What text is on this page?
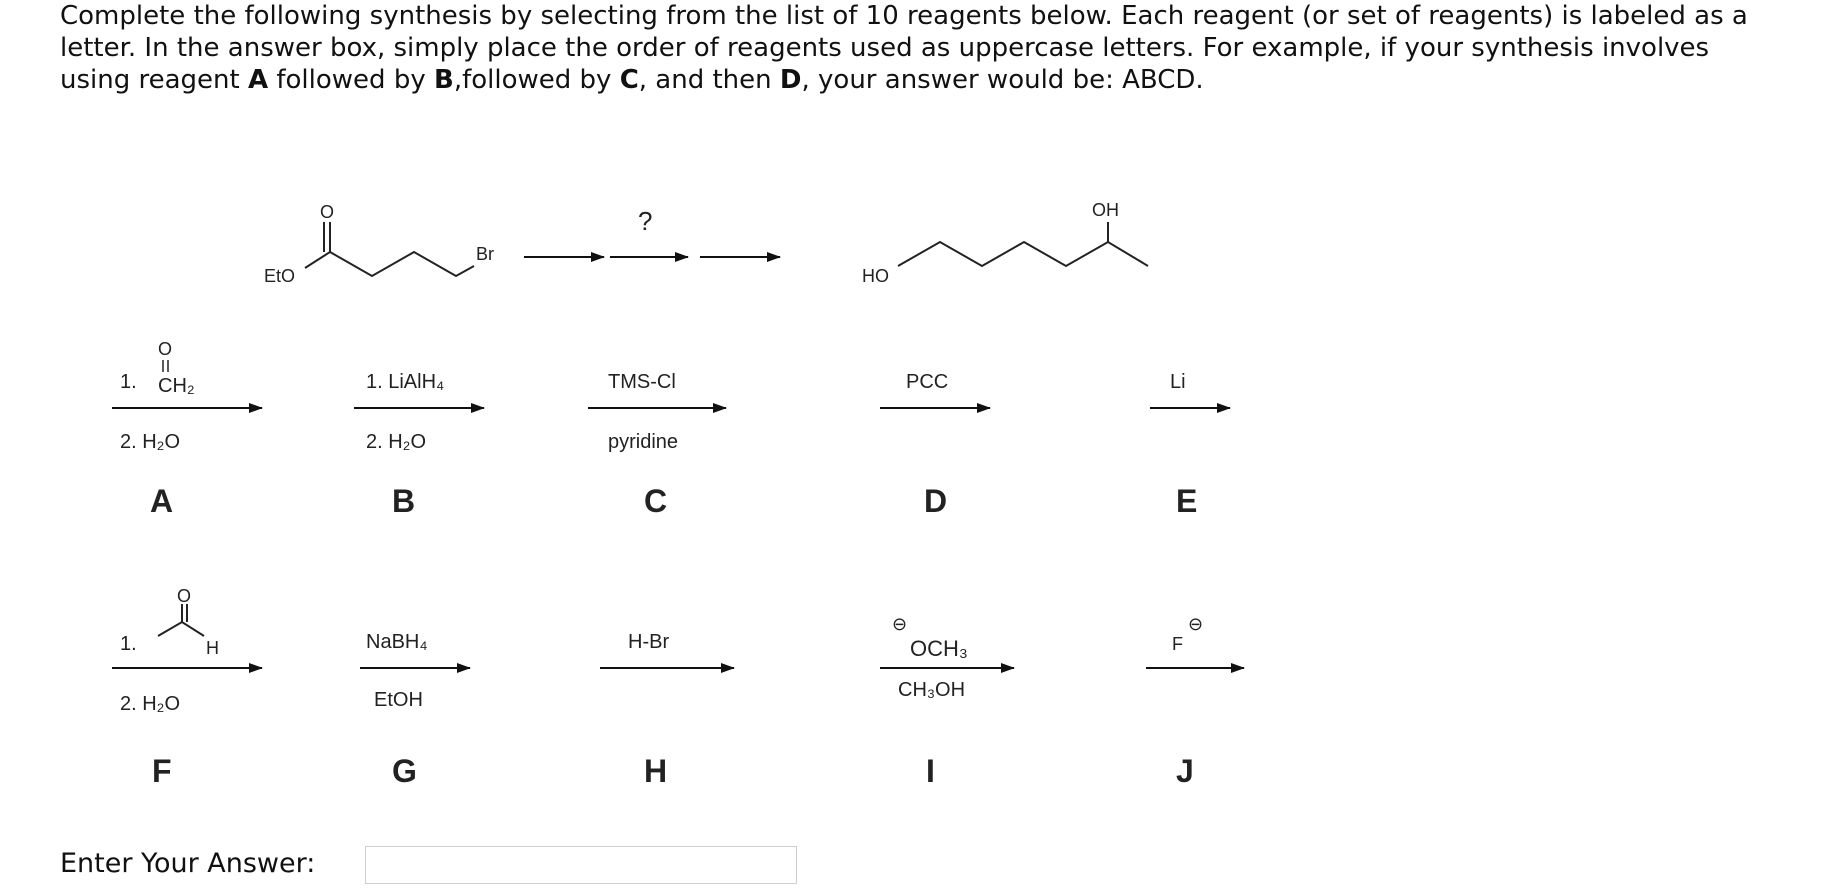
Complete the following synthesis by selecting from the list of 10 reagents below. Each reagent (or set of reagents) is labeled as a letter. In the answer box, simply place the order of reagents used as uppercase letters. For example, if your synthesis involves using reagent A followed by B,followed by C, and then D, your answer would be: ABCD.
EtO
O
Br
?
HO
OH
1.
O
CH₂
2. H₂O
A
1. LiAlH₄
2. H₂O
B
TMS-Cl
pyridine
C
PCC
D
Li
E
1.
O
H
2. H₂O
F
NaBH₄
EtOH
G
H-Br
H
⊖
OCH₃
CH₃OH
I
F
⊖
J
Enter Your Answer:
